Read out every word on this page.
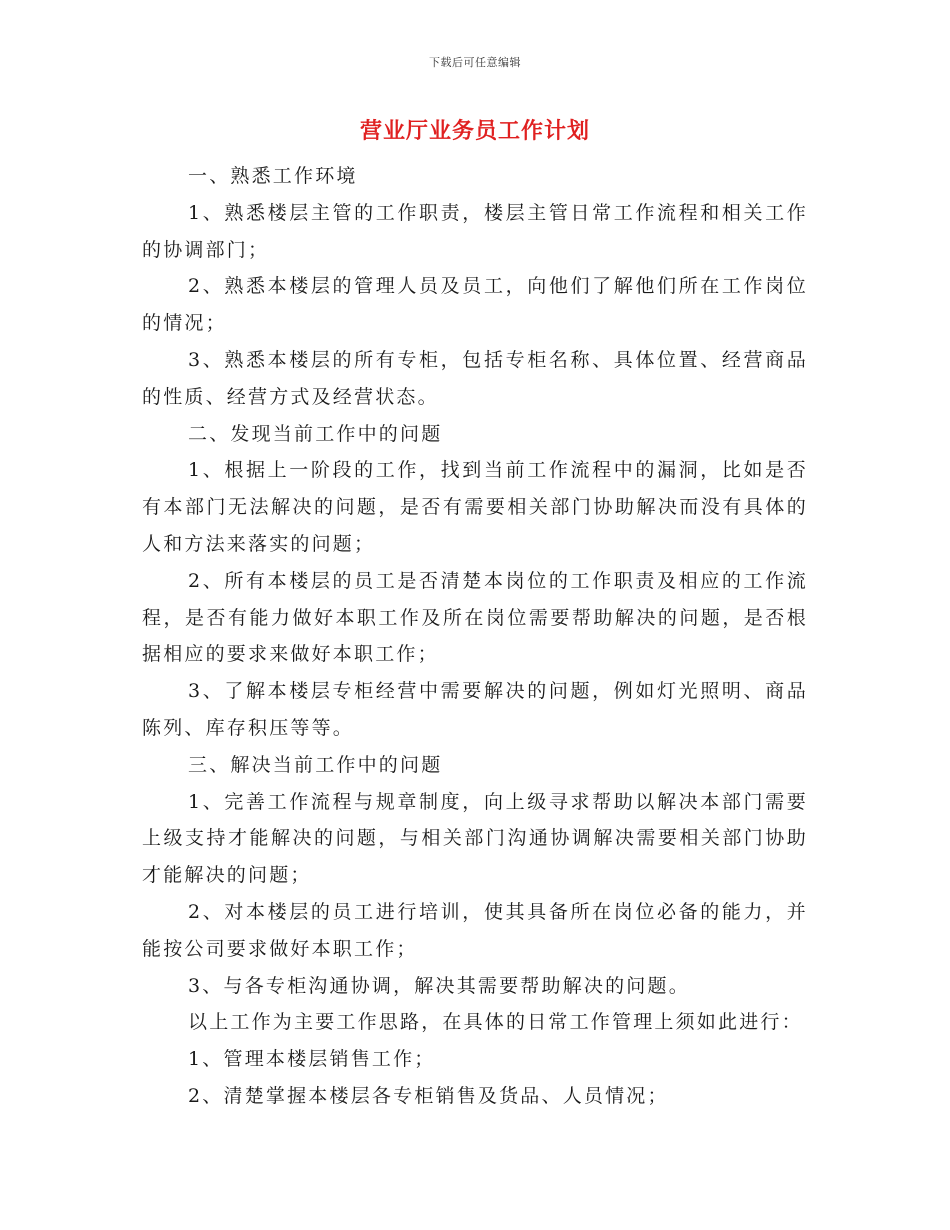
下载后可任意编辑
营业厅业务员工作计划

一、熟悉工作环境

1、熟悉楼层主管的工作职责，楼层主管日常工作流程和相关工作的协调部门；

2、熟悉本楼层的管理人员及员工，向他们了解他们所在工作岗位的情况；

3、熟悉本楼层的所有专柜，包括专柜名称、具体位置、经营商品的性质、经营方式及经营状态。

二、发现当前工作中的问题

1、根据上一阶段的工作，找到当前工作流程中的漏洞，比如是否有本部门无法解决的问题，是否有需要相关部门协助解决而没有具体的人和方法来落实的问题；

2、所有本楼层的员工是否清楚本岗位的工作职责及相应的工作流程，是否有能力做好本职工作及所在岗位需要帮助解决的问题，是否根据相应的要求来做好本职工作；

3、了解本楼层专柜经营中需要解决的问题，例如灯光照明、商品陈列、库存积压等等。

三、解决当前工作中的问题

1、完善工作流程与规章制度，向上级寻求帮助以解决本部门需要上级支持才能解决的问题，与相关部门沟通协调解决需要相关部门协助才能解决的问题；

2、对本楼层的员工进行培训，使其具备所在岗位必备的能力，并能按公司要求做好本职工作；

3、与各专柜沟通协调，解决其需要帮助解决的问题。

以上工作为主要工作思路，在具体的日常工作管理上须如此进行：

1、管理本楼层销售工作；

2、清楚掌握本楼层各专柜销售及货品、人员情况；
